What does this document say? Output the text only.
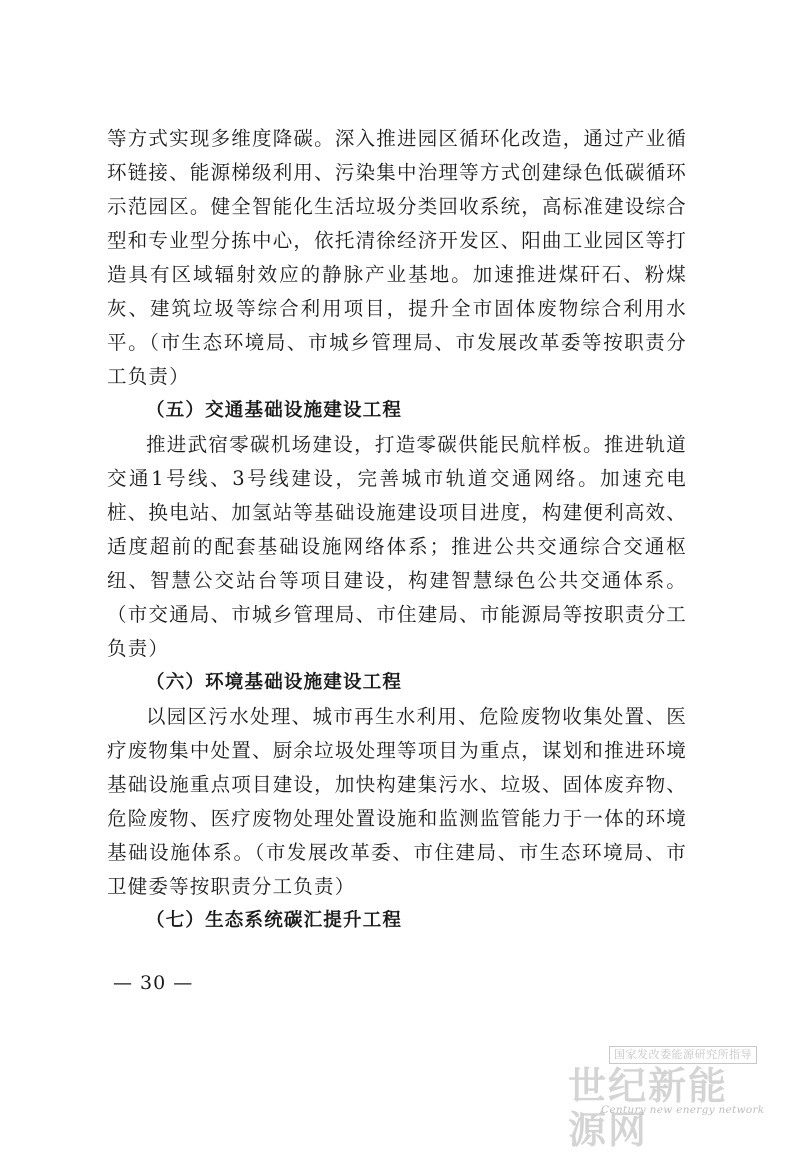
等方式实现多维度降碳。深入推进园区循环化改造，通过产业循环链接、能源梯级利用、污染集中治理等方式创建绿色低碳循环示范园区。健全智能化生活垃圾分类回收系统，高标准建设综合型和专业型分拣中心，依托清徐经济开发区、阳曲工业园区等打造具有区域辐射效应的静脉产业基地。加速推进煤矸石、粉煤灰、建筑垃圾等综合利用项目，提升全市固体废物综合利用水平。（市生态环境局、市城乡管理局、市发展改革委等按职责分工负责）

（五）交通基础设施建设工程

推进武宿零碳机场建设，打造零碳供能民航样板。推进轨道交通1号线、3号线建设，完善城市轨道交通网络。加速充电桩、换电站、加氢站等基础设施建设项目进度，构建便利高效、适度超前的配套基础设施网络体系；推进公共交通综合交通枢纽、智慧公交站台等项目建设，构建智慧绿色公共交通体系。（市交通局、市城乡管理局、市住建局、市能源局等按职责分工负责）

（六）环境基础设施建设工程

以园区污水处理、城市再生水利用、危险废物收集处置、医疗废物集中处置、厨余垃圾处理等项目为重点，谋划和推进环境基础设施重点项目建设，加快构建集污水、垃圾、固体废弃物、危险废物、医疗废物处理处置设施和监测监管能力于一体的环境基础设施体系。（市发展改革委、市住建局、市生态环境局、市卫健委等按职责分工负责）

（七）生态系统碳汇提升工程

— 30 —
国家发改委能源研究所指导
世纪新能源网
Century new energy network
